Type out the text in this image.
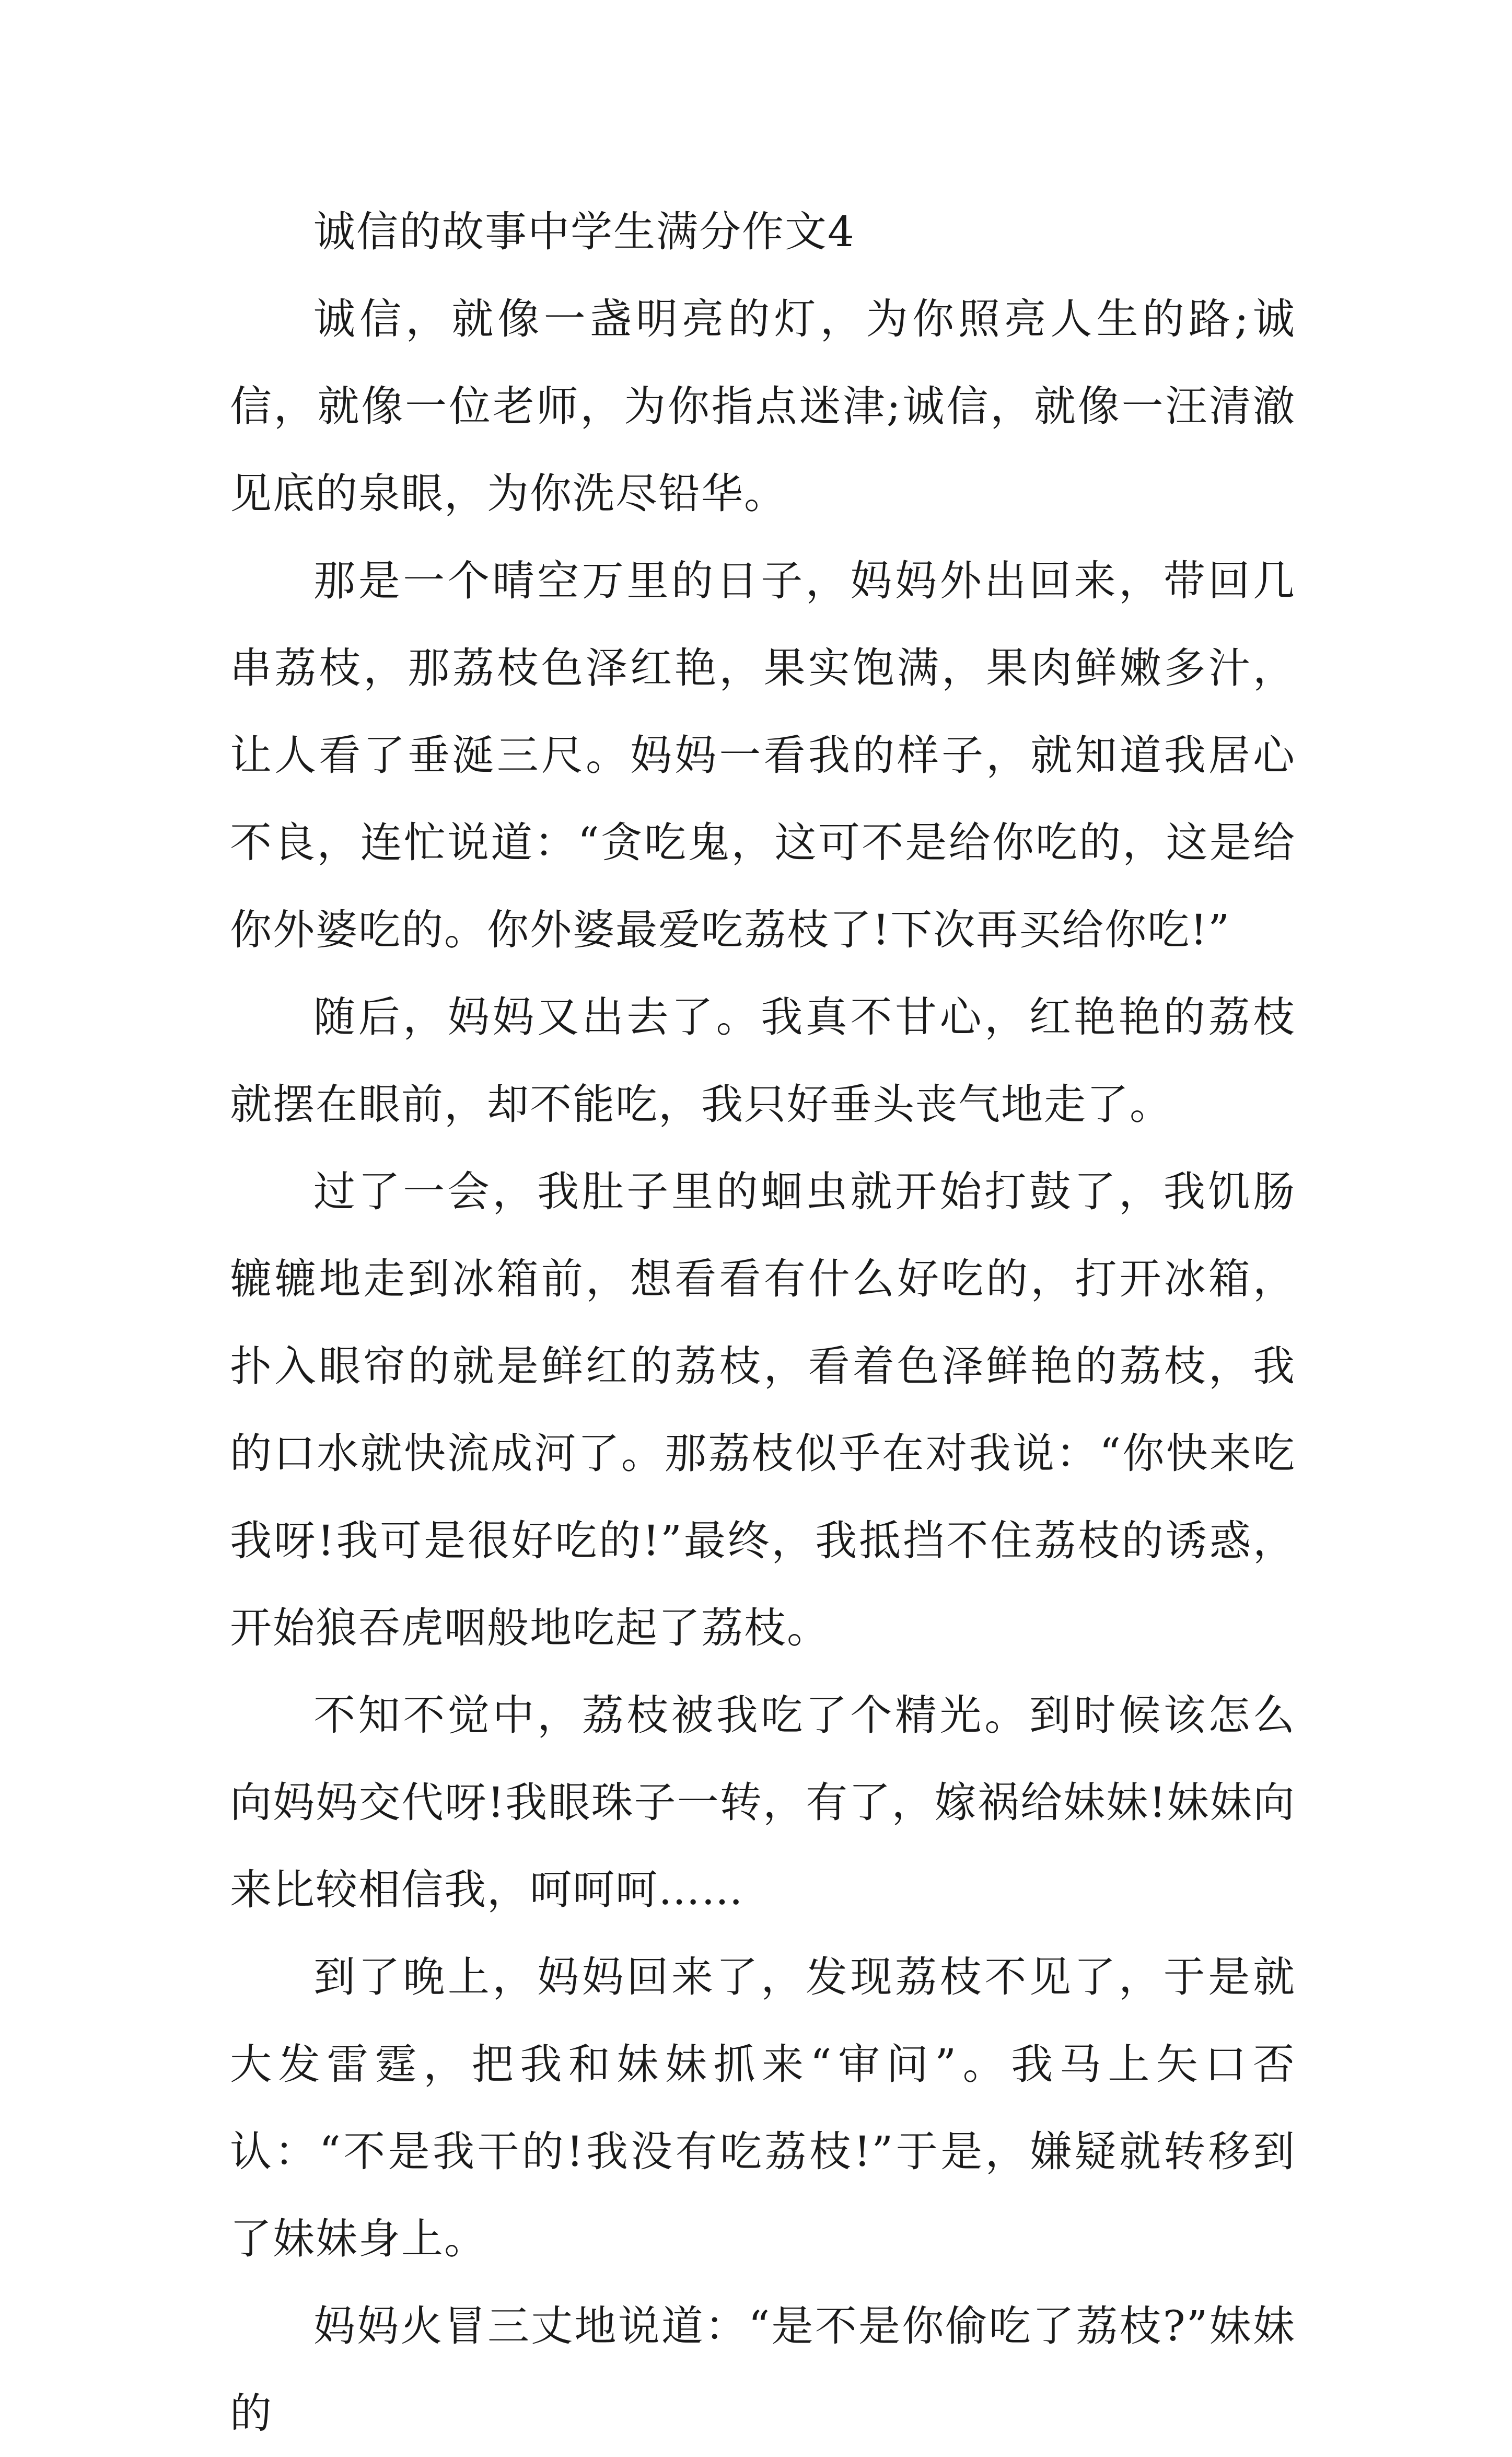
诚信的故事中学生满分作文4

诚信，就像一盏明亮的灯，为你照亮人生的路;诚信，就像一位老师，为你指点迷津;诚信，就像一汪清澈见底的泉眼，为你洗尽铅华。

那是一个晴空万里的日子，妈妈外出回来，带回几串荔枝，那荔枝色泽红艳，果实饱满，果肉鲜嫩多汁，让人看了垂涎三尺。妈妈一看我的样子，就知道我居心不良，连忙说道：“贪吃鬼，这可不是给你吃的，这是给你外婆吃的。你外婆最爱吃荔枝了!下次再买给你吃!”

随后，妈妈又出去了。我真不甘心，红艳艳的荔枝就摆在眼前，却不能吃，我只好垂头丧气地走了。

过了一会，我肚子里的蛔虫就开始打鼓了，我饥肠辘辘地走到冰箱前，想看看有什么好吃的，打开冰箱，扑入眼帘的就是鲜红的荔枝，看着色泽鲜艳的荔枝，我的口水就快流成河了。那荔枝似乎在对我说：“你快来吃我呀!我可是很好吃的!”最终，我抵挡不住荔枝的诱惑，开始狼吞虎咽般地吃起了荔枝。

不知不觉中，荔枝被我吃了个精光。到时候该怎么向妈妈交代呀!我眼珠子一转，有了，嫁祸给妹妹!妹妹向来比较相信我，呵呵呵……

到了晚上，妈妈回来了，发现荔枝不见了，于是就大发雷霆，把我和妹妹抓来“审问”。我马上矢口否认：“不是我干的!我没有吃荔枝!”于是，嫌疑就转移到了妹妹身上。

妈妈火冒三丈地说道：“是不是你偷吃了荔枝?”妹妹的
